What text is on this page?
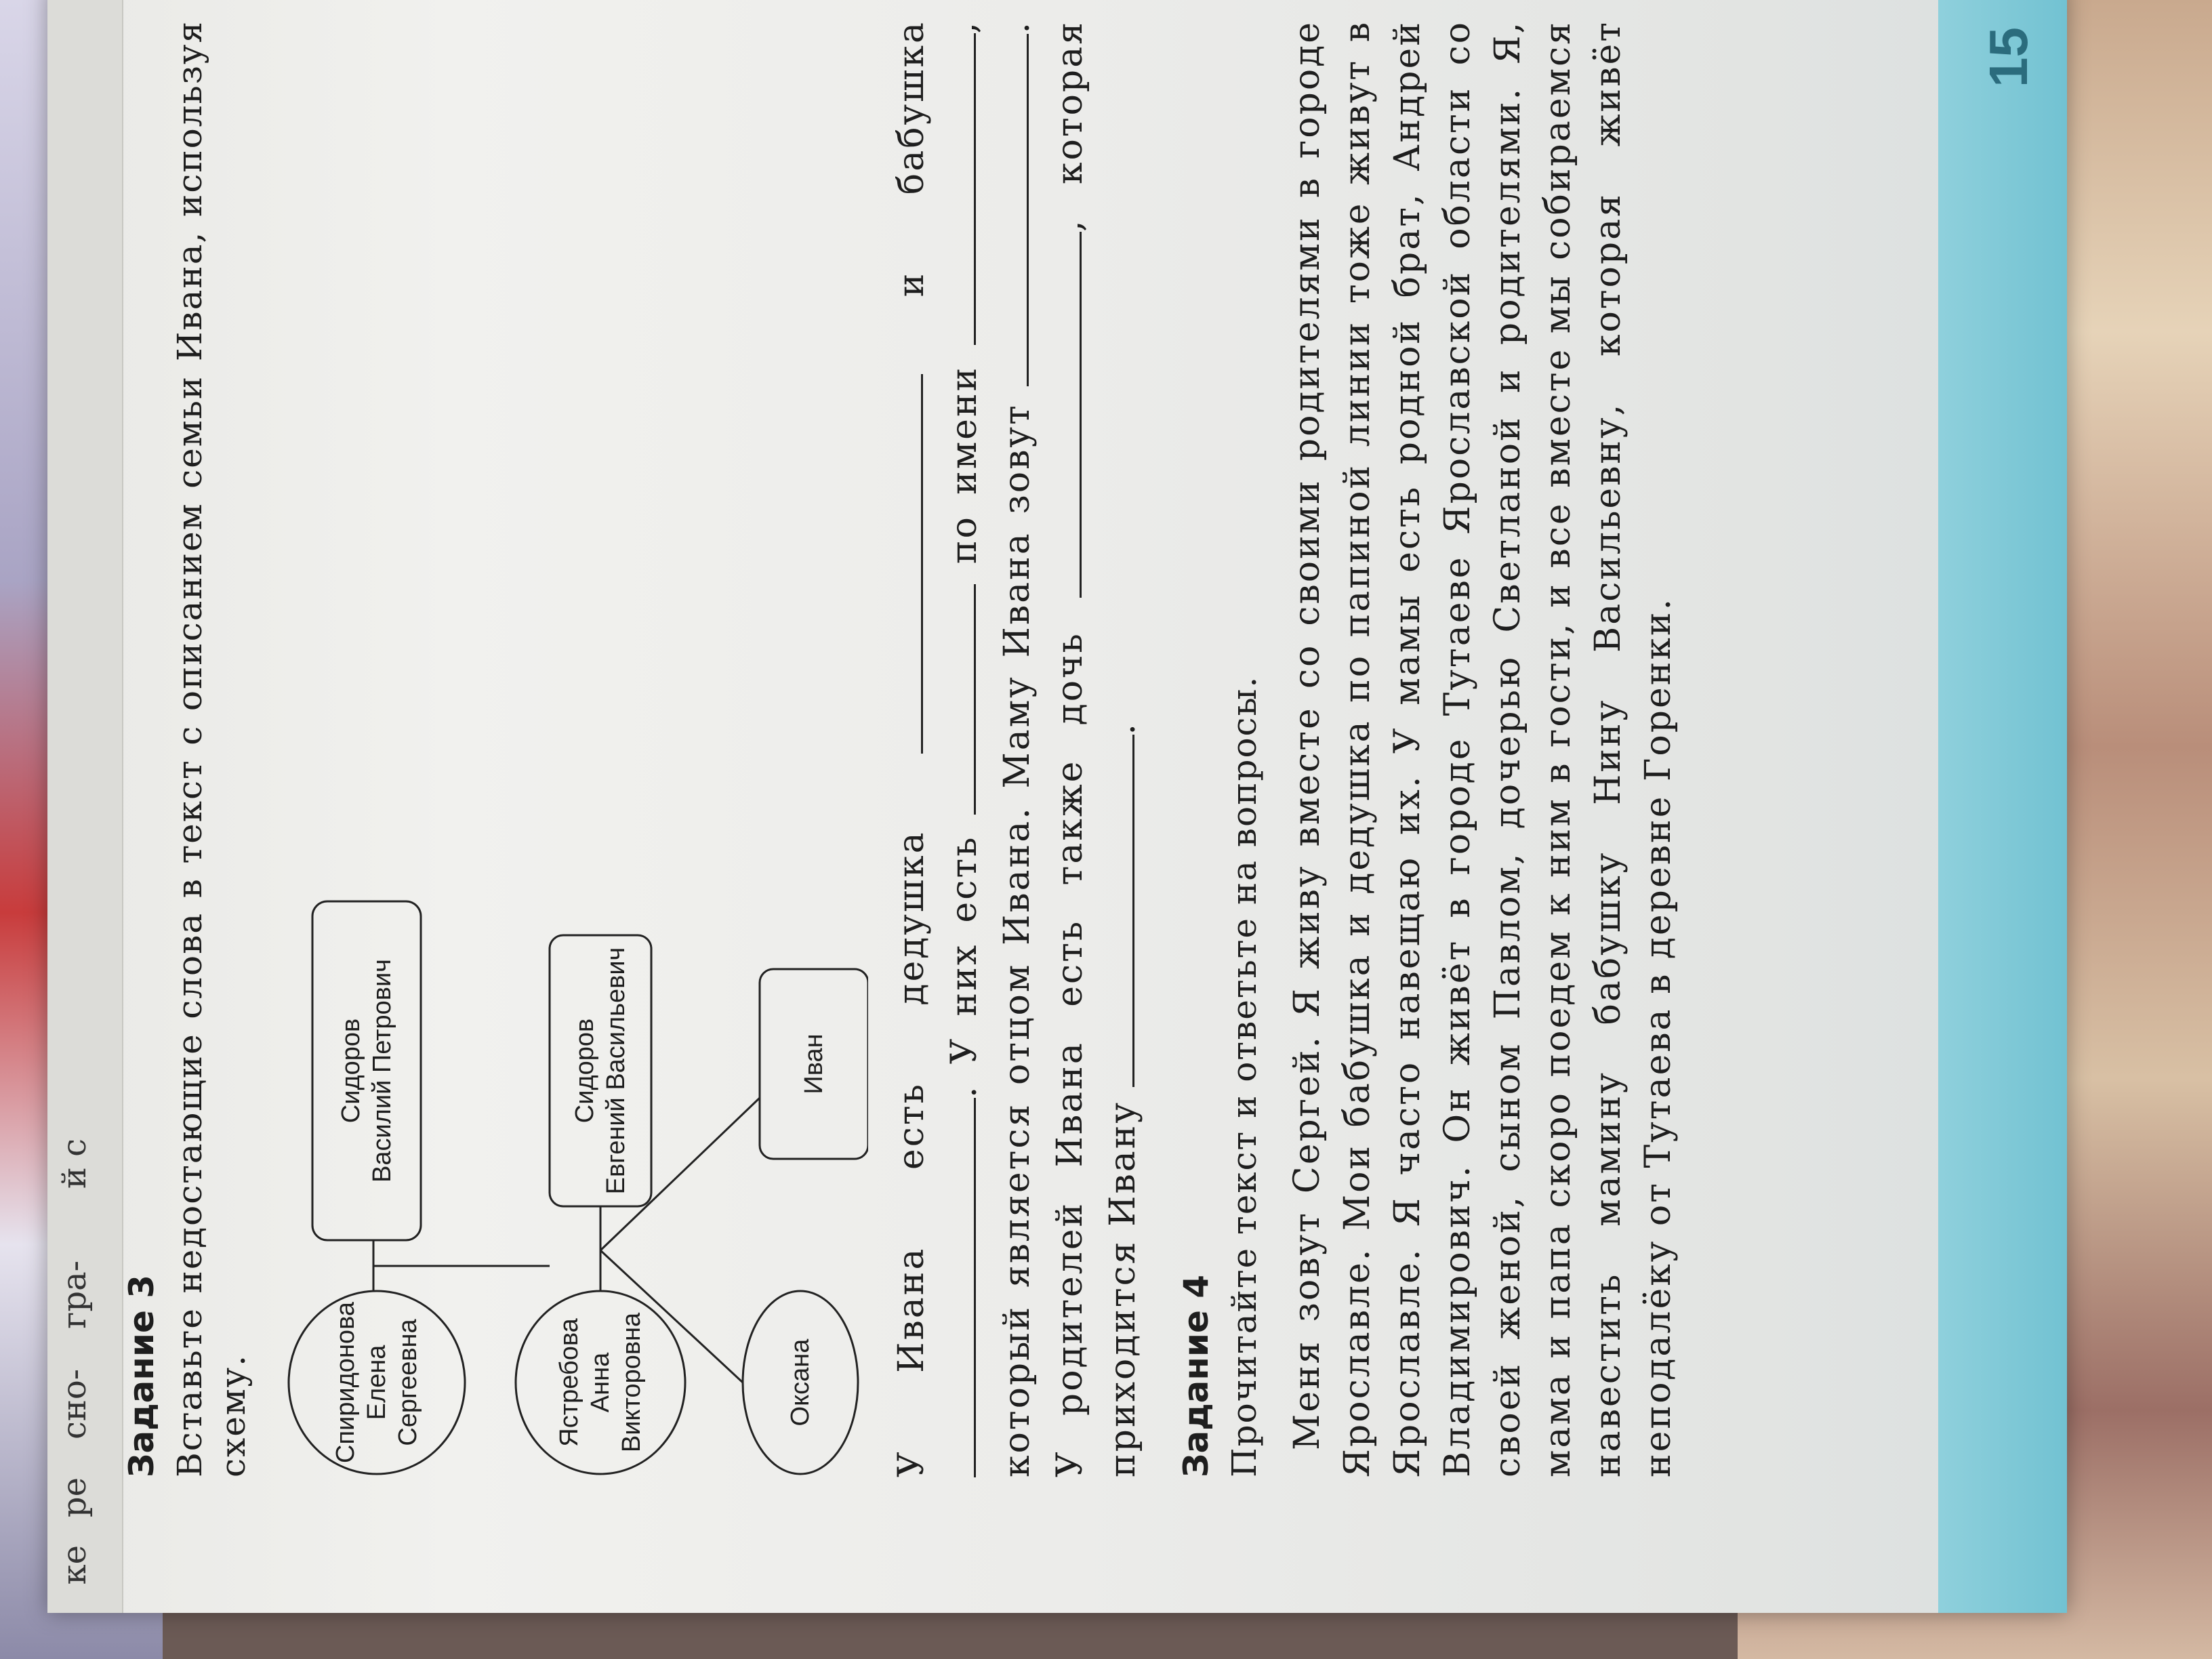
й с
гра-
сно-
ре
ке
15
Задание 3 Вставьте недостающие слова в текст с описанием семьи Ивана, используя схему.	Спиридонова Елена Сергеевна
Сидоров Василий Петрович
Ястребова Анна Викторовна
Сидоров Евгений Васильевич
Оксана
Иван У Ивана есть дедушка  и бабушка . У них есть  по имени , который является отцом Ивана. Маму Ивана зовут . У родителей Ивана есть также дочь , которая приходится Ивану .

Задание 4 Прочитайте текст и ответьте на вопросы. Меня зовут Сергей. Я живу вместе со своими родителями в городе Ярославле. Мои бабушка и дедушка по папиной линии тоже живут в Ярославле. Я часто навещаю их. У мамы есть родной брат, Андрей Владимирович. Он живёт в городе Тутаеве Ярославской области со своей женой, сыном Павлом, дочерью Светланой и родителями. Я, мама и папа скоро поедем к ним в гости, и все вместе мы собираемся навестить мамину бабушку Нину Васильевну, которая живёт неподалёку от Тутаева в деревне Горенки.
